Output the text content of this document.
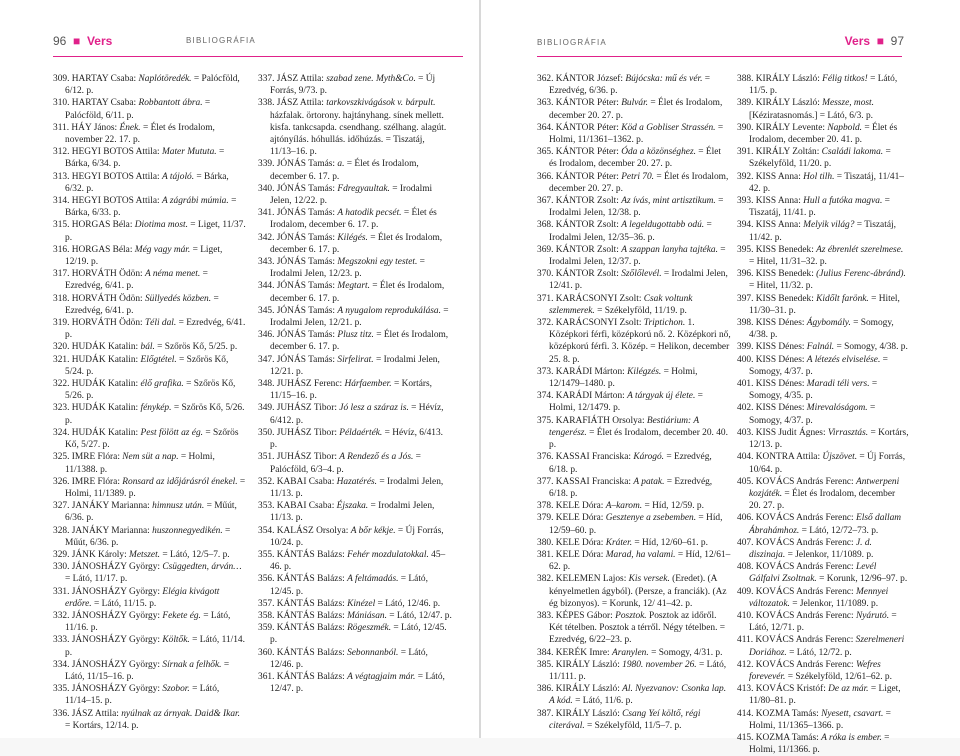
96  ■  Vers	BIBLIOGRÁFIA
309. HARTAY Csaba: Naplótöredék. = Palócföld, 6/12. p.
310. HARTAY Csaba: Robbantott ábra. = Palócföld, 6/11. p.
311. HÁY János: Ének. = Élet és Irodalom, november 22. 17. p.
312. HEGYI BOTOS Attila: Mater Mututa. = Bárka, 6/34. p.
313. HEGYI BOTOS Attila: A tájoló. = Bárka, 6/32. p.
314. HEGYI BOTOS Attila: A zágrábi múmia. = Bárka, 6/33. p.
315. HORGAS Béla: Diotima most. = Liget, 11/37. p.
316. HORGAS Béla: Még vagy már. = Liget, 12/19. p.
317. HORVÁTH Ödön: A néma menet. = Ezredvég, 6/41. p.
318. HORVÁTH Ödön: Süllyedés közben. = Ezredvég, 6/41. p.
319. HORVÁTH Ödön: Téli dal. = Ezredvég, 6/41. p.
320. HUDÁK Katalin: bál. = Szőrös Kő, 5/25. p.
321. HUDÁK Katalin: Előgtétel. = Szőrös Kő, 5/24. p.
322. HUDÁK Katalin: élő grafika. = Szőrös Kő, 5/26. p.
323. HUDÁK Katalin: fénykép. = Szőrös Kő, 5/26. p.
324. HUDÁK Katalin: Pest fölött az ég. = Szőrös Kő, 5/27. p.
325. IMRE Flóra: Nem süt a nap. = Holmi, 11/1388. p.
326. IMRE Flóra: Ronsard az időjárásról énekel. = Holmi, 11/1389. p.
327. JANÁKY Marianna: himnusz után. = Műút, 6/36. p.
328. JANÁKY Marianna: huszonnegyedikén. = Műút, 6/36. p.
329. JÁNK Károly: Metszet. = Látó, 12/5–7. p.
330. JÁNOSHÁZY György: Csüggedten, árván… = Látó, 11/17. p.
331. JÁNOSHÁZY György: Elégia kivágott erdőre. = Látó, 11/15. p.
332. JÁNOSHÁZY György: Fekete ég. = Látó, 11/16. p.
333. JÁNOSHÁZY György: Költők. = Látó, 11/14. p.
334. JÁNOSHÁZY György: Sírnak a felhők. = Látó, 11/15–16. p.
335. JÁNOSHÁZY György: Szobor. = Látó, 11/14–15. p.
336. JÁSZ Attila: nyúlnak az árnyak. Daid& Ikar. = Kortárs, 12/14. p.
337. JÁSZ Attila: szabad zene. Myth&Co. = Új Forrás, 9/73. p.
338. JÁSZ Attila: tarkovszkivágások v. bárpult. házfalak. örtorony. hajtányhang. sínek mellett. kisfa. tankcsapda. csendhang. szélhang. alagút. ajtónyílás. hóhullás. időhúzás. = Tiszatáj, 11/13–16. p.
339. JÓNÁS Tamás: a. = Élet és Irodalom, december 6. 17. p.
340. JÓNÁS Tamás: Fdregyaultak. = Irodalmi Jelen, 12/22. p.
341. JÓNÁS Tamás: A hatodik pecsét. = Élet és Irodalom, december 6. 17. p.
342. JÓNÁS Tamás: Kilégés. = Élet és Irodalom, december 6. 17. p.
343. JÓNÁS Tamás: Megszokni egy testet. = Irodalmi Jelen, 12/23. p.
344. JÓNÁS Tamás: Megtart. = Élet és Irodalom, december 6. 17. p.
345. JÓNÁS Tamás: A nyugalom reprodukálása. = Irodalmi Jelen, 12/21. p.
346. JÓNÁS Tamás: Plusz titz. = Élet és Irodalom, december 6. 17. p.
347. JÓNÁS Tamás: Sirfelirat. = Irodalmi Jelen, 12/21. p.
348. JUHÁSZ Ferenc: Hárfaember. = Kortárs, 11/15–16. p.
349. JUHÁSZ Tibor: Jó lesz a száraz is. = Hévíz, 6/412. p.
350. JUHÁSZ Tibor: Példaérték. = Hévíz, 6/413. p.
351. JUHÁSZ Tibor: A Rendező és a Jós. = Palócföld, 6/3–4. p.
352. KABAI Csaba: Hazatérés. = Irodalmi Jelen, 11/13. p.
353. KABAI Csaba: Éjszaka. = Irodalmi Jelen, 11/13. p.
354. KALÁSZ Orsolya: A bőr kékje. = Új Forrás, 10/24. p.
355. KÁNTÁS Balázs: Fehér mozdulatokkal. 45–46. p.
356. KÁNTÁS Balázs: A feltámadás. = Látó, 12/45. p.
357. KÁNTÁS Balázs: Kinézel = Látó, 12/46. p.
358. KÁNTÁS Balázs: Mániásan. = Látó, 12/47. p.
359. KÁNTÁS Balázs: Rögeszmék. = Látó, 12/45. p.
360. KÁNTÁS Balázs: Sebonnanból. = Látó, 12/46. p.
361. KÁNTÁS Balázs: A végtagjaim már. = Látó, 12/47. p.
BIBLIOGRÁFIA	Vers  ■  97
362. KÁNTOR József: Bújócska: mű és vér. = Ezredvég, 6/36. p.
363. KÁNTOR Péter: Bulvár. = Élet és Irodalom, december 20. 27. p.
364. KÁNTOR Péter: Köd a Gobliser Strassén. = Holmi, 11/1361–1362. p.
365. KÁNTOR Péter: Óda a közönséghez. = Élet és Irodalom, december 20. 27. p.
366. KÁNTOR Péter: Petri 70. = Élet és Irodalom, december 20. 27. p.
367. KÁNTOR Zsolt: Az ívás, mint artisztikum. = Irodalmi Jelen, 12/38. p.
368. KÁNTOR Zsolt: A legeldugottabb odú. = Irodalmi Jelen, 12/35–36. p.
369. KÁNTOR Zsolt: A szappan lanyha tajtéka. = Irodalmi Jelen, 12/37. p.
370. KÁNTOR Zsolt: Szőlőlevél. = Irodalmi Jelen, 12/41. p.
371. KARÁCSONYI Zsolt: Csak voltunk szlemmerek. = Székelyföld, 11/19. p.
372. KARÁCSONYI Zsolt: Triptichon. 1. Középkori férfi, középkorú nő. 2. Középkori nő, középkorú férfi. 3. Közép. = Helikon, december 25. 8. p.
373. KARÁDI Márton: Kilégzés. = Holmi, 12/1479–1480. p.
374. KARÁDI Márton: A tárgyak új élete. = Holmi, 12/1479. p.
375. KARAFIÁTH Orsolya: Bestiárium: A tengerész. = Élet és Irodalom, december 20. 40. p.
376. KASSAI Franciska: Károgó. = Ezredvég, 6/18. p.
377. KASSAI Franciska: A patak. = Ezredvég, 6/18. p.
378. KELE Dóra: A–karom. = Híd, 12/59. p.
379. KELE Dóra: Gesztenye a zsebemben. = Híd, 12/59–60. p.
380. KELE Dóra: Kráter. = Híd, 12/60–61. p.
381. KELE Dóra: Marad, ha valami. = Híd, 12/61–62. p.
382. KELEMEN Lajos: Kis versek. (Eredet). (A kényelmetlen ágyból). (Persze, a franciák). (Az ég bizonyos). = Korunk, 12/ 41–42. p.
383. KÉPES Gábor: Posztok. Posztok az időről. Két tételben. Posztok a térről. Négy tételben. = Ezredvég, 6/22–23. p.
384. KERÉK Imre: Aranylen. = Somogy, 4/31. p.
385. KIRÁLY László: 1980. november 26. = Látó, 11/111. p.
386. KIRÁLY László: Al. Nyezvanov: Csonka lap. A kód. = Látó, 11/6. p.
387. KIRÁLY László: Csang Yeí költő, régi citerával. = Székelyföld, 11/5–7. p.
388. KIRÁLY László: Félig titkos! = Látó, 11/5. p.
389. KIRÁLY László: Messze, most. [Kéziratasnomás.] = Látó, 6/3. p.
390. KIRÁLY Levente: Napbold. = Élet és Irodalom, december 20. 41. p.
391. KIRÁLY Zoltán: Családi lakoma. = Székelyföld, 11/20. p.
392. KISS Anna: Hol tilh. = Tiszatáj, 11/41–42. p.
393. KISS Anna: Hull a futóka magva. = Tiszatáj, 11/41. p.
394. KISS Anna: Melyik világ? = Tiszatáj, 11/42. p.
395. KISS Benedek: Az ébrenlét szerelmese. = Hitel, 11/31–32. p.
396. KISS Benedek: (Julius Ferenc-ábránd). = Hitel, 11/32. p.
397. KISS Benedek: Kidőlt farönk. = Hitel, 11/30–31. p.
398. KISS Dénes: Ágybomály. = Somogy, 4/38. p.
399. KISS Dénes: Falnál. = Somogy, 4/38. p.
400. KISS Dénes: A létezés elviselése. = Somogy, 4/37. p.
401. KISS Dénes: Maradi téli vers. = Somogy, 4/35. p.
402. KISS Dénes: Mirevalóságom. = Somogy, 4/37. p.
403. KISS Judit Ágnes: Virrasztás. = Kortárs, 12/13. p.
404. KONTRA Attila: Újszövet. = Új Forrás, 10/64. p.
405. KOVÁCS András Ferenc: Antwerpeni kozjáték. = Élet és Irodalom, december 20. 27. p.
406. KOVÁCS András Ferenc: Első dallam Ábrahámhoz. = Látó, 12/72–73. p.
407. KOVÁCS András Ferenc: J. d. diszinaja. = Jelenkor, 11/1089. p.
408. KOVÁCS András Ferenc: Levél Gálfalvi Zsoltnak. = Korunk, 12/96–97. p.
409. KOVÁCS András Ferenc: Mennyei változatok. = Jelenkor, 11/1089. p.
410. KOVÁCS András Ferenc: Nyárutó. = Látó, 12/71. p.
411. KOVÁCS András Ferenc: Szerelmeneri Doriához. = Látó, 12/72. p.
412. KOVÁCS András Ferenc: Wefres forevevér. = Székelyföld, 12/61–62. p.
413. KOVÁCS Kristóf: De az már. = Liget, 11/80–81. p.
414. KOZMA Tamás: Nyesett, csavart. = Holmi, 11/1365–1366. p.
415. KOZMA Tamás: A róka is ember. = Holmi, 11/1366. p.
